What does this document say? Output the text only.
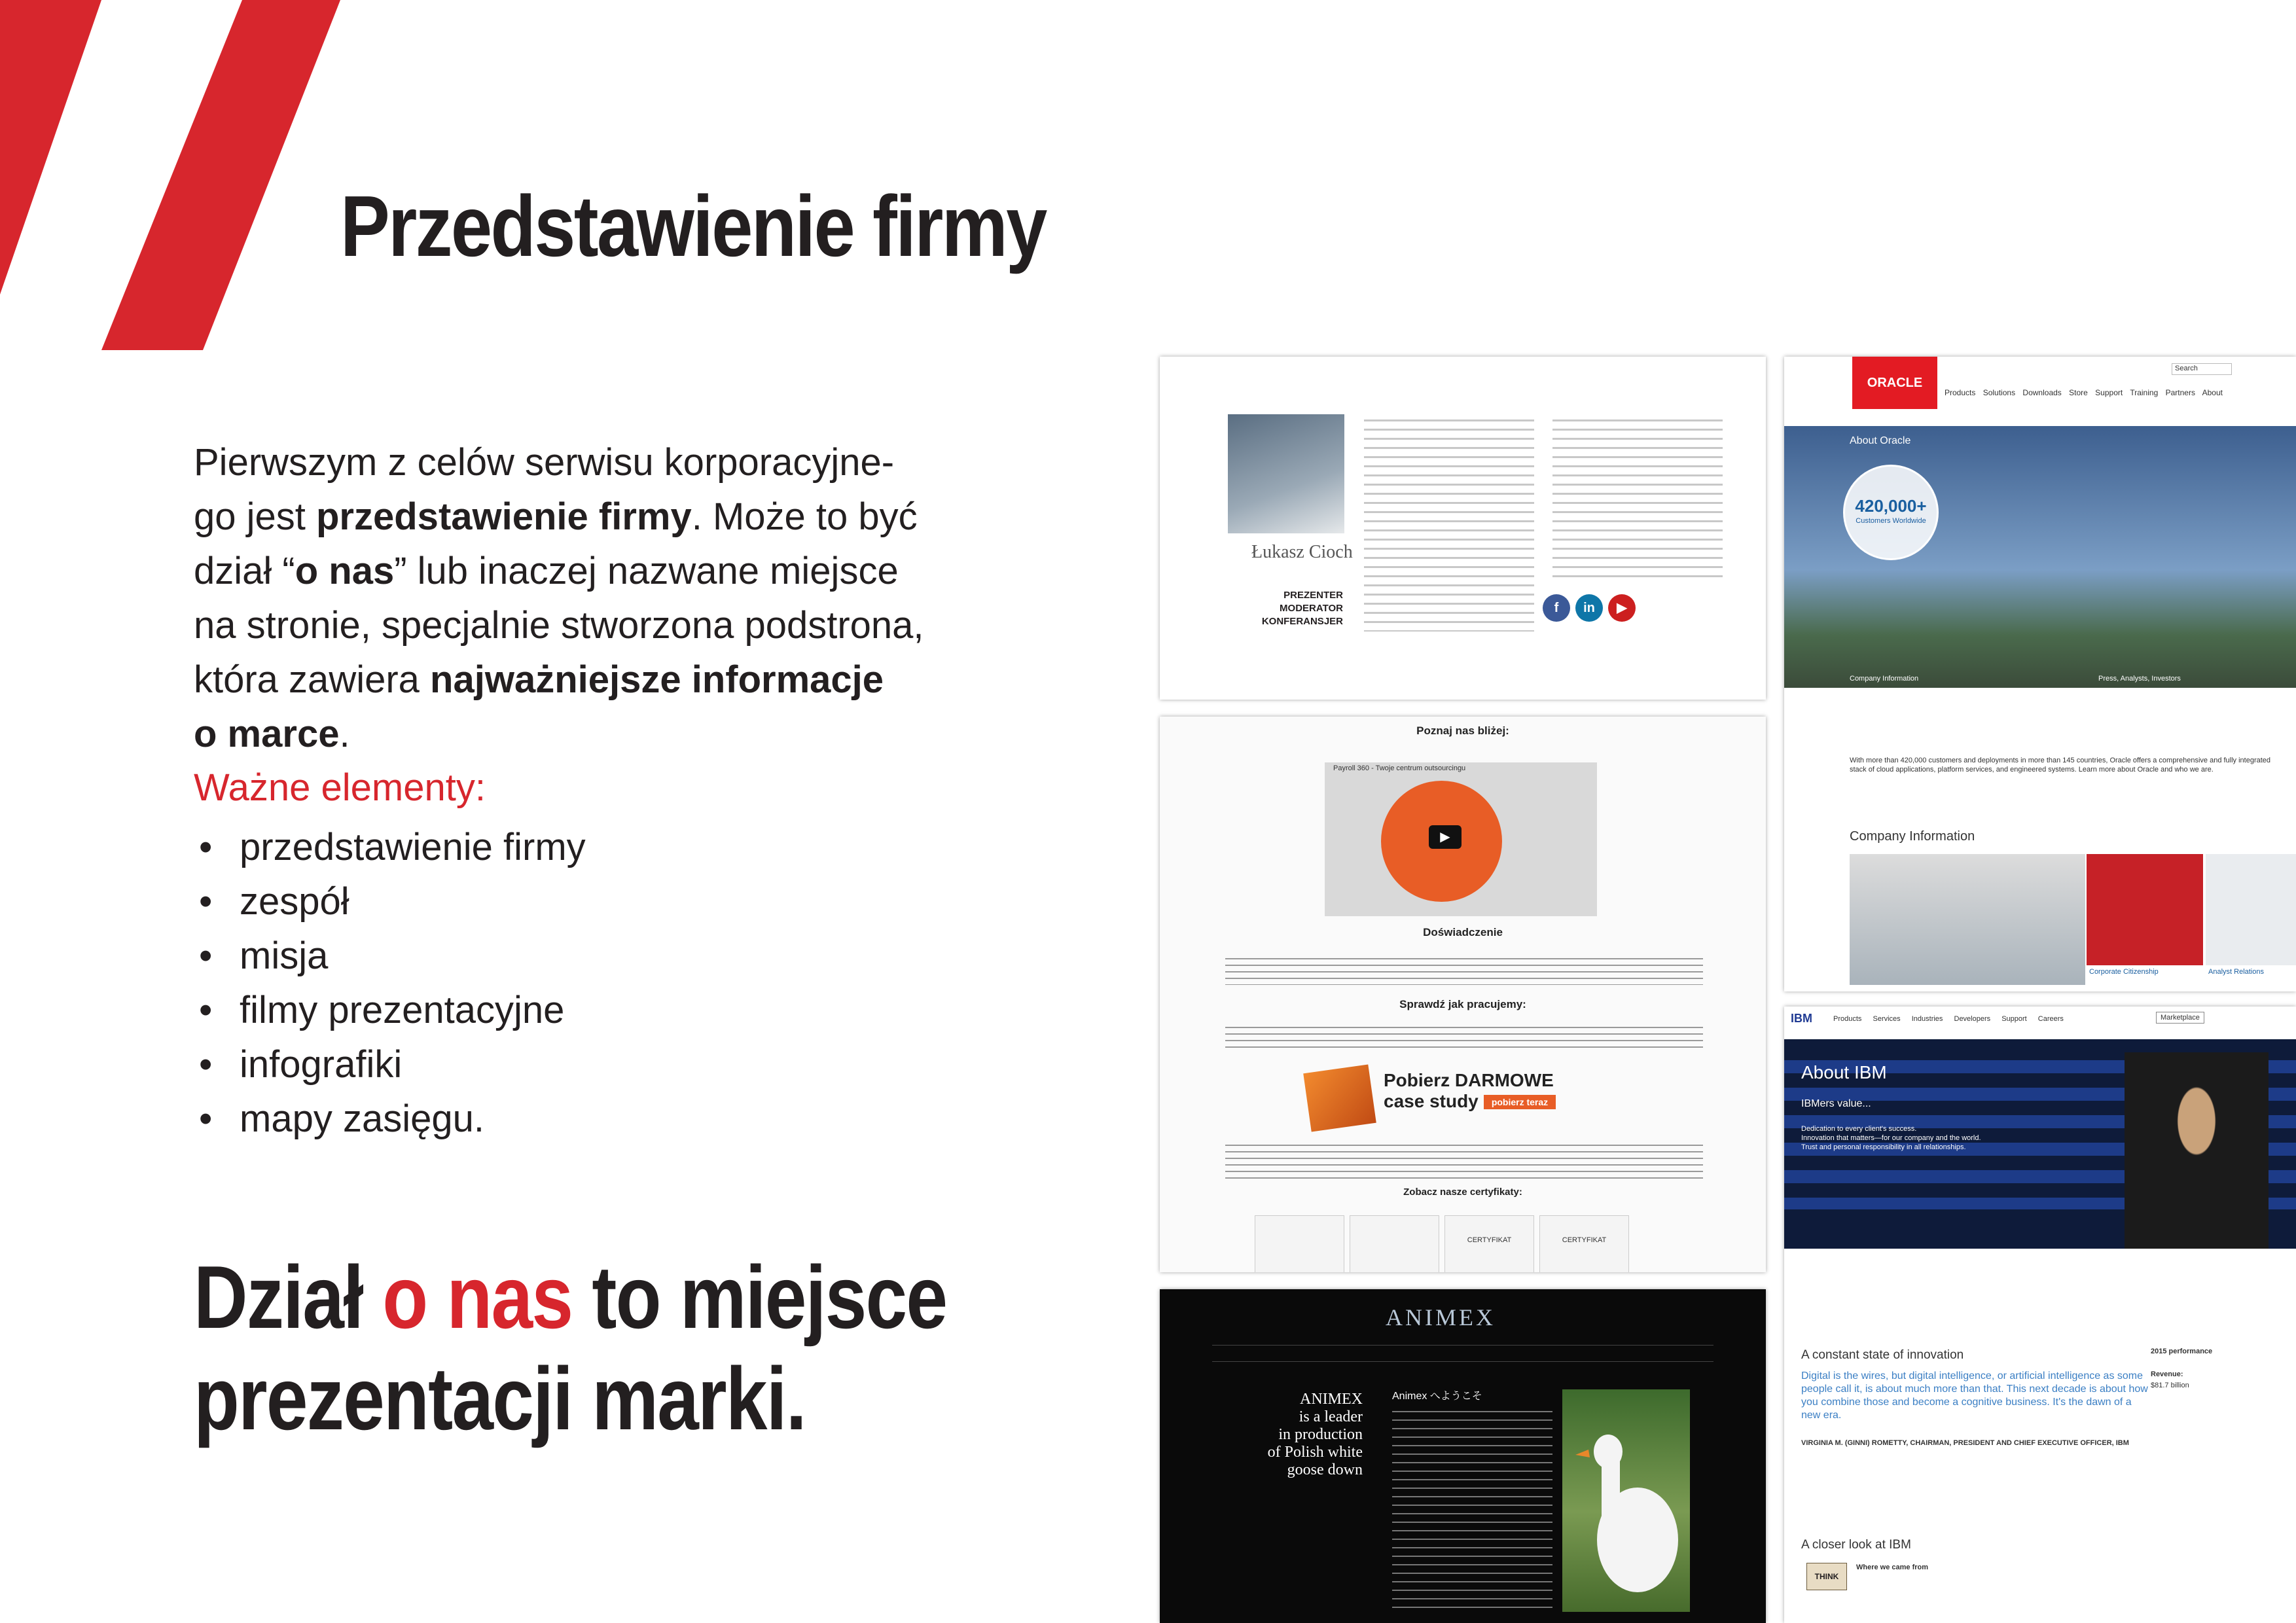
Przedstawienie firmy
Pierwszym z celów serwisu korporacyjne-
go jest przedstawienie firmy. Może to być
dział “o nas” lub inaczej nazwane miejsce
na stronie, specjalnie stworzona podstrona,
która zawiera najważniejsze informacje
o marce.
Ważne elementy:
• przedstawienie firmy
• zespół
• misja
• filmy prezentacyjne
• infografiki
• mapy zasięgu.
Dział o nas to miejsce
prezentacji marki.
Łukasz Cioch
PREZENTER
MODERATOR
KONFERANSJER
f	in	▶
Poznaj nas bliżej:
Payroll 360 - Twoje centrum outsourcingu
▶
Doświadczenie
Sprawdź jak pracujemy:
Pobierz DARMOWE
case study	pobierz teraz
Zobacz nasze certyfikaty:
CERTYFIKAT	CERTYFIKAT
ANIMEX
ANIMEX
is a leader
in production
of Polish white
goose down
Animex へようこそ
ORACLE
Products Solutions Downloads Store Support Training Partners About
Search
About Oracle
420,000+
Customers Worldwide
Company Information	Press, Analysts, Investors
Customers, Partners, Communities	Careers at Oracle
With more than 420,000 customers and deployments in more than 145 countries, Oracle offers a comprehensive and fully integrated stack of cloud applications, platform services, and engineered systems. Learn more about Oracle and who we are.
Company Information
Corporate Citizenship	Analyst Relations
IBM	Products Services Industries Developers Support Careers	Marketplace
About IBM
IBMers value...
Dedication to every client's success.
Innovation that matters—for our company and the world.
Trust and personal responsibility in all relationships.
A constant state of innovation
Digital is the wires, but digital intelligence, or artificial intelligence as some people call it, is about much more than that. This next decade is about how you combine those and become a cognitive business. It's the dawn of a new era.
VIRGINIA M. (GINNI) ROMETTY, CHAIRMAN, PRESIDENT AND CHIEF EXECUTIVE OFFICER, IBM
2015 performance
Revenue:
$81.7 billion
A closer look at IBM
THINK
Where we came from
